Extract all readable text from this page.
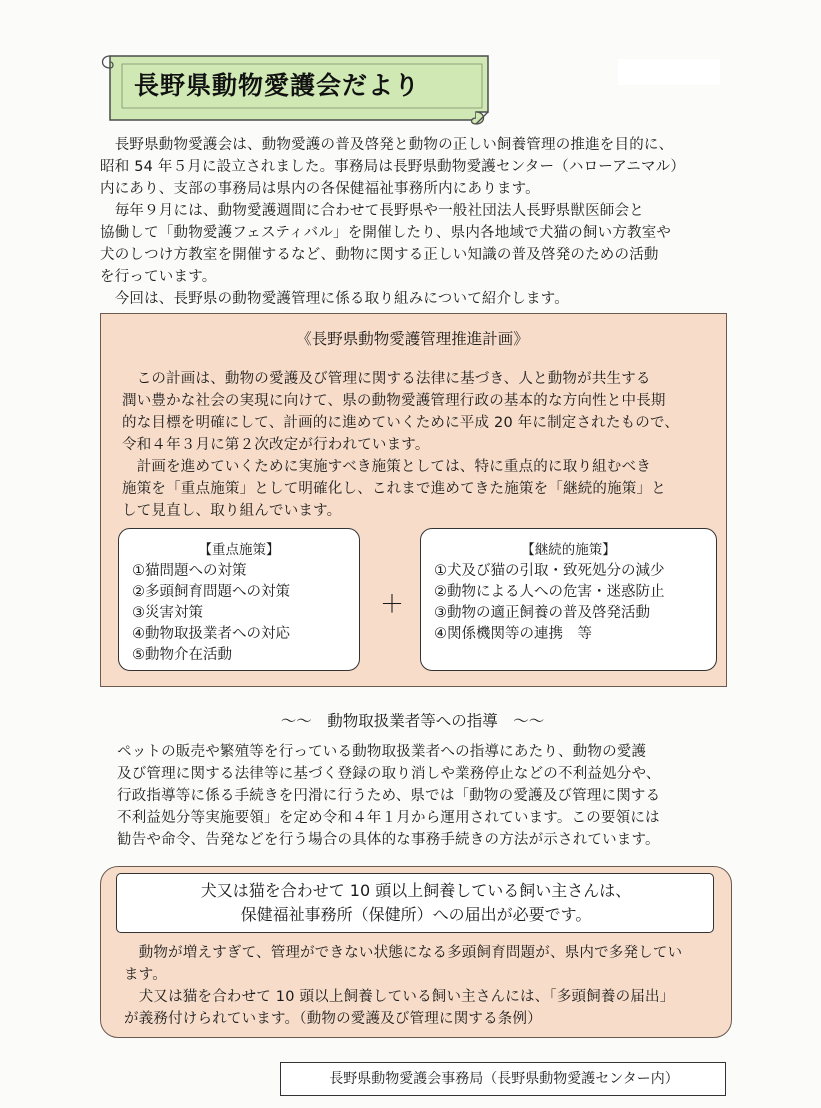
長野県動物愛護会だより

　長野県動物愛護会は、動物愛護の普及啓発と動物の正しい飼養管理の推進を目的に、

昭和 54 年５月に設立されました。事務局は長野県動物愛護センター（ハローアニマル）

内にあり、支部の事務局は県内の各保健福祉事務所内にあります。

　毎年９月には、動物愛護週間に合わせて長野県や一般社団法人長野県獣医師会と

協働して「動物愛護フェスティバル」を開催したり、県内各地域で犬猫の飼い方教室や

犬のしつけ方教室を開催するなど、動物に関する正しい知識の普及啓発のための活動

を行っています。

　今回は、長野県の動物愛護管理に係る取り組みについて紹介します。

《長野県動物愛護管理推進計画》

　この計画は、動物の愛護及び管理に関する法律に基づき、人と動物が共生する

潤い豊かな社会の実現に向けて、県の動物愛護管理行政の基本的な方向性と中長期

的な目標を明確にして、計画的に進めていくために平成 20 年に制定されたもので、

令和４年３月に第２次改定が行われています。

　計画を進めていくために実施すべき施策としては、特に重点的に取り組むべき

施策を「重点施策」として明確化し、これまで進めてきた施策を「継続的施策」と

して見直し、取り組んでいます。

【重点施策】
①猫問題への対策
②多頭飼育問題への対策
③災害対策
④動物取扱業者への対応
⑤動物介在活動
＋
【継続的施策】
①犬及び猫の引取・致死処分の減少
②動物による人への危害・迷惑防止
③動物の適正飼養の普及啓発活動
④関係機関等の連携　等
～～　動物取扱業者等への指導　～～

ペットの販売や繁殖等を行っている動物取扱業者への指導にあたり、動物の愛護

及び管理に関する法律等に基づく登録の取り消しや業務停止などの不利益処分や、

行政指導等に係る手続きを円滑に行うため、県では「動物の愛護及び管理に関する

不利益処分等実施要領」を定め令和４年１月から運用されています。この要領には

勧告や命令、告発などを行う場合の具体的な事務手続きの方法が示されています。

犬又は猫を合わせて 10 頭以上飼養している飼い主さんは、
保健福祉事務所（保健所）への届出が必要です。

　動物が増えすぎて、管理ができない状態になる多頭飼育問題が、県内で多発してい

ます。

　犬又は猫を合わせて 10 頭以上飼養している飼い主さんには、「多頭飼養の届出」

が義務付けられています。（動物の愛護及び管理に関する条例）

長野県動物愛護会事務局（長野県動物愛護センター内）
